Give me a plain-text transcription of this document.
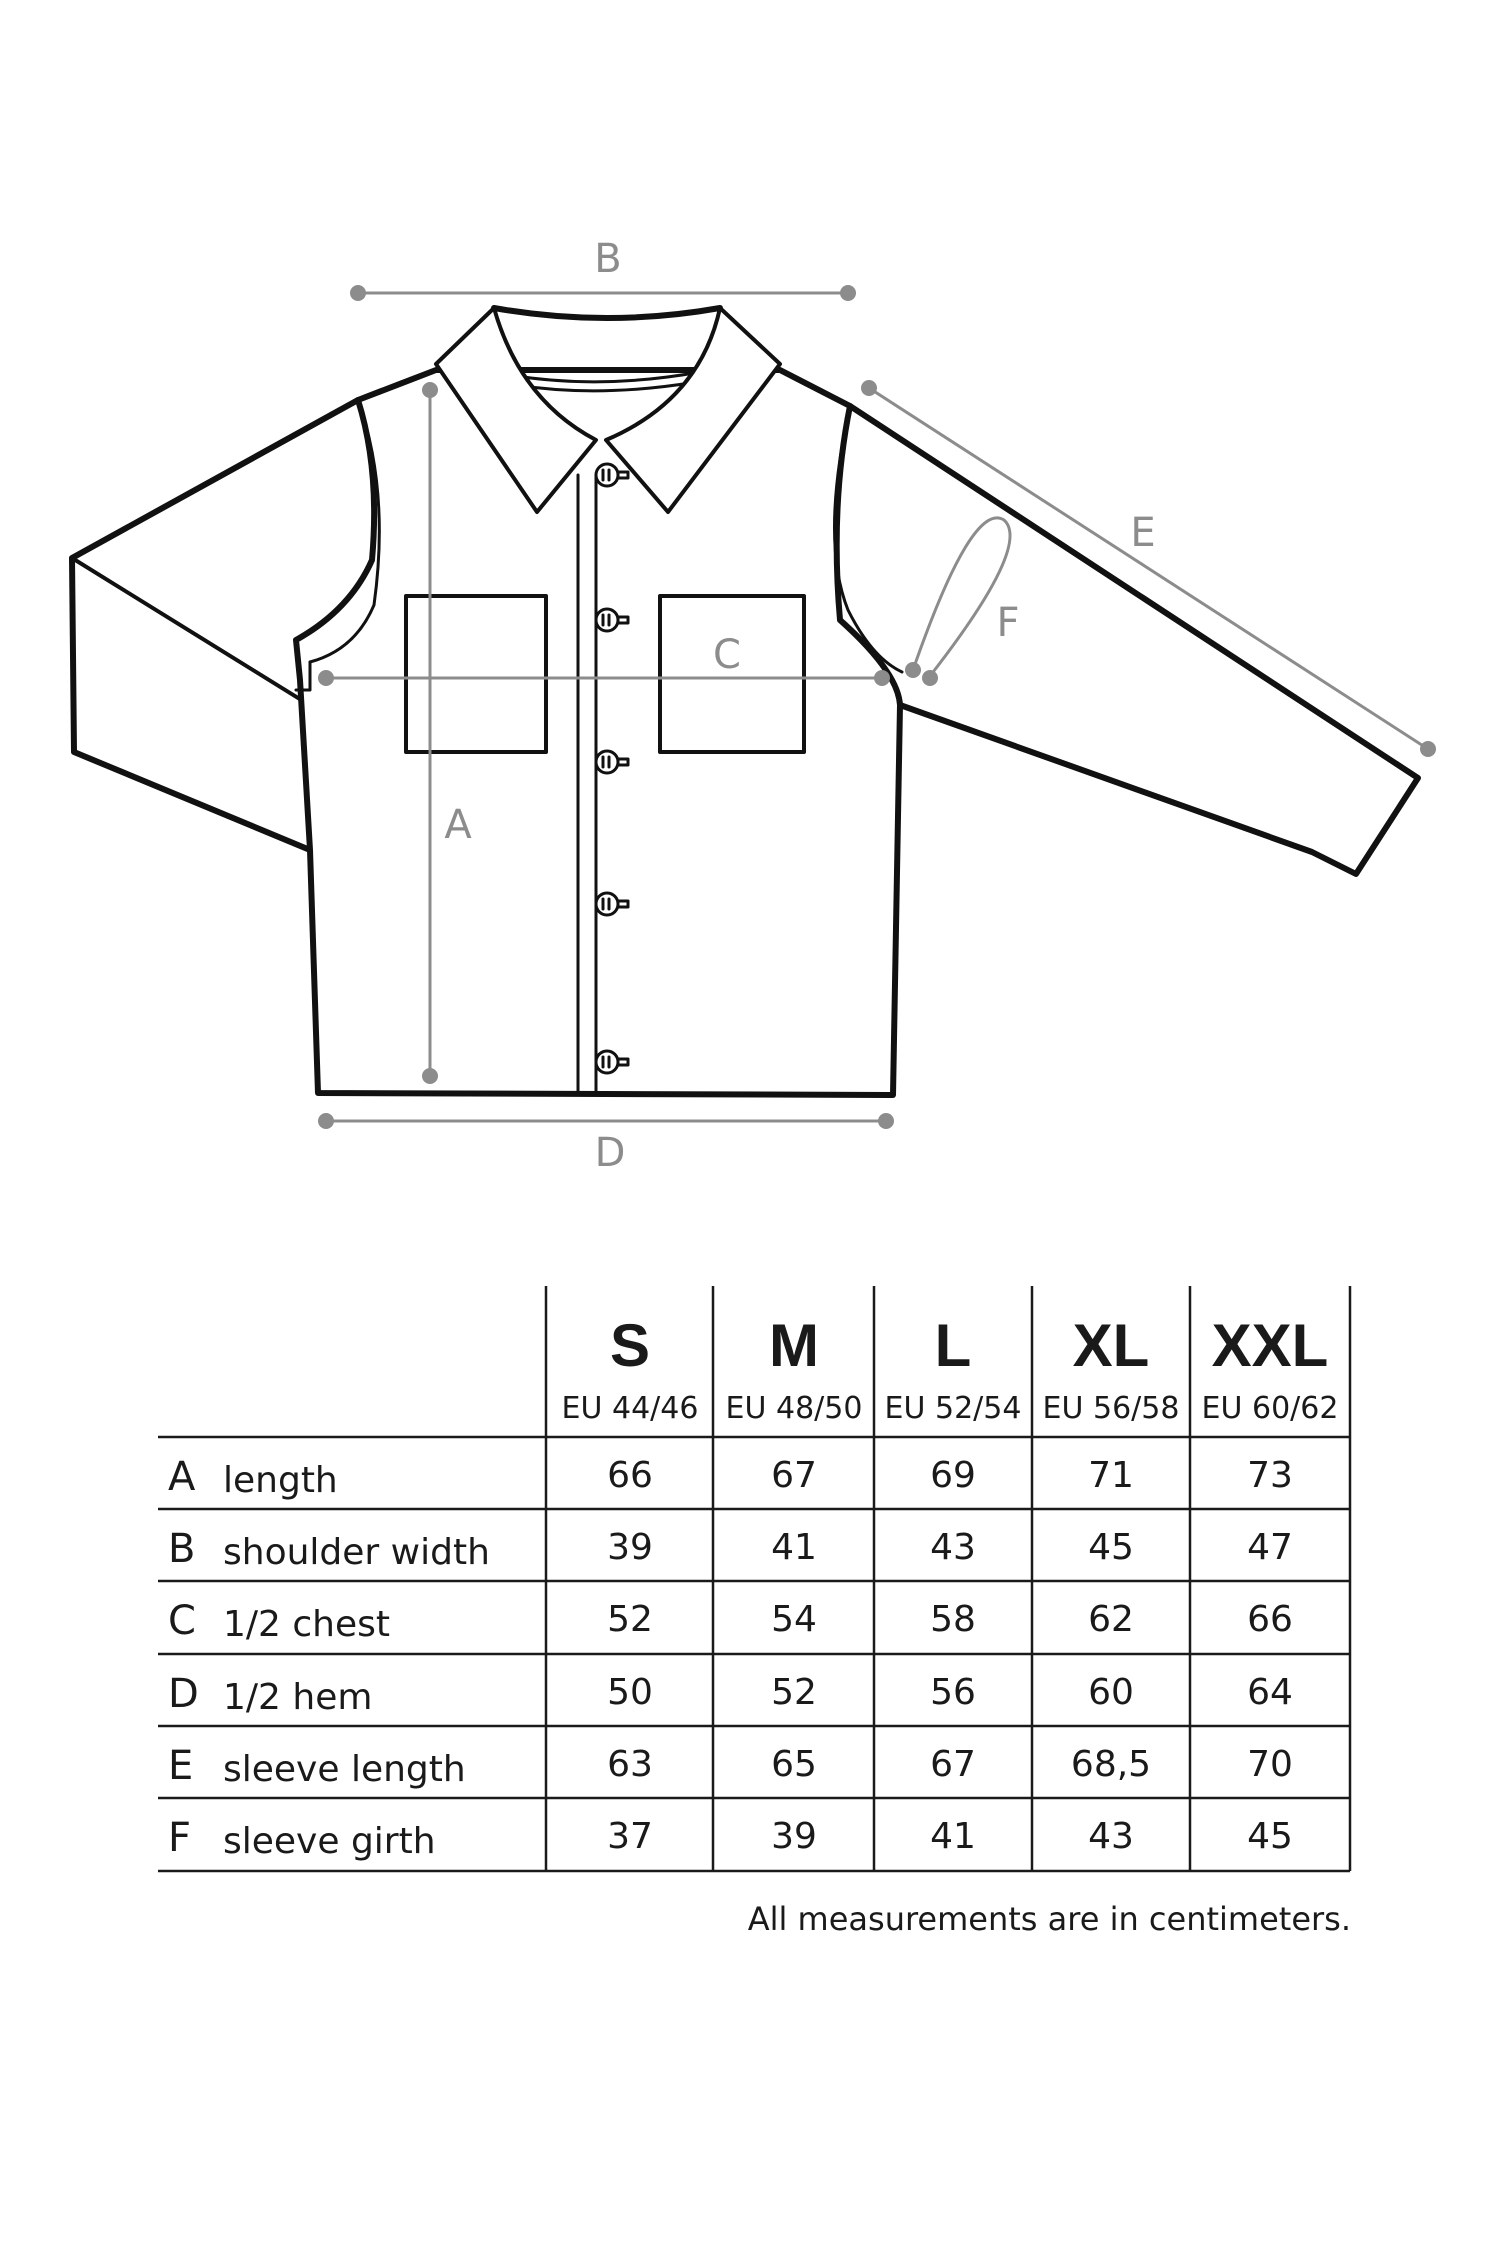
B
A
C
D
E
F
S M L XL XXL
EU 44/46 EU 48/50 EU 52/54 EU 56/58 EU 60/62
A length	66	67	69	71	73
B shoulder width	39	41	43	45	47
C 1/2 chest	52	54	58	62	66
D 1/2 hem	50	52	56	60	64
E sleeve length	63	65	67	68,5	70
F sleeve girth	37	39	41	43	45
All measurements are in centimeters.
